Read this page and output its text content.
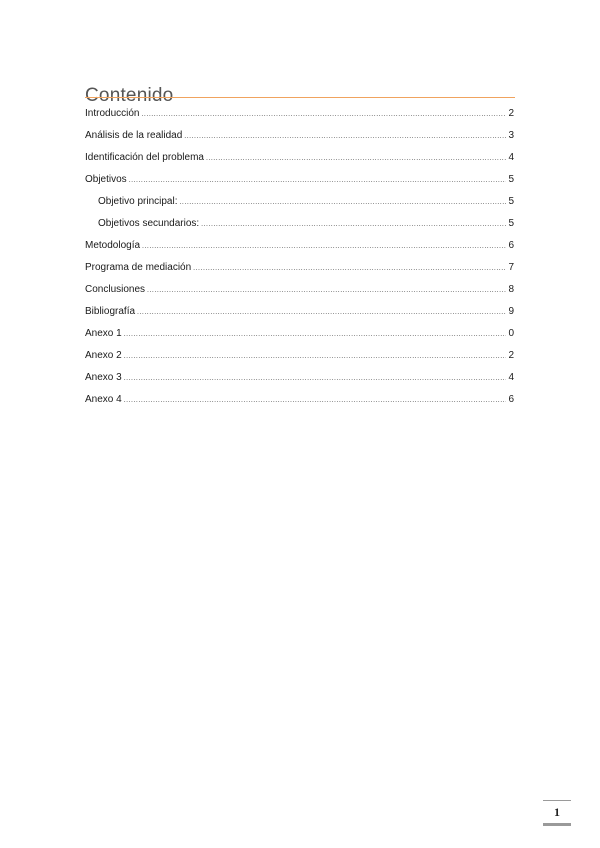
Contenido
Introducción .....	2
Análisis de la realidad .....	3
Identificación del problema .....	4
Objetivos .....	5
Objetivo principal: .....	5
Objetivos secundarios: .....	5
Metodología .....	6
Programa de mediación .....	7
Conclusiones .....	8
Bibliografía .....	9
Anexo 1 .....	0
Anexo 2 .....	2
Anexo 3 .....	4
Anexo 4 .....	6
1
